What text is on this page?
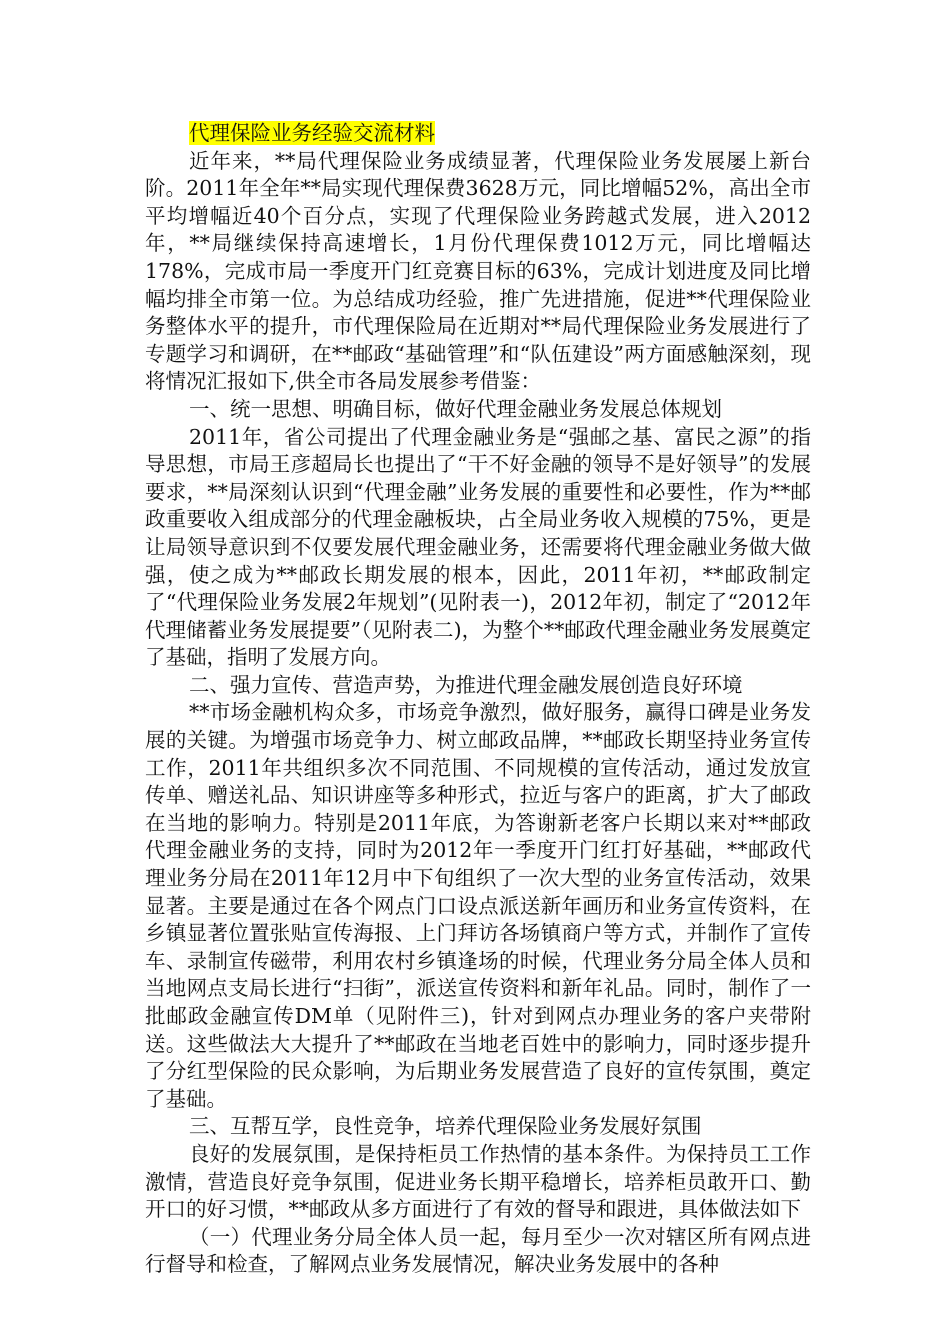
代理保险业务经验交流材料

近年来，**局代理保险业务成绩显著，代理保险业务发展屡上新台阶。2011年全年**局实现代理保费3628万元，同比增幅52%，高出全市平均增幅近40个百分点，实现了代理保险业务跨越式发展，进入2012年，**局继续保持高速增长，1月份代理保费1012万元，同比增幅达178%，完成市局一季度开门红竞赛目标的63%，完成计划进度及同比增幅均排全市第一位。为总结成功经验，推广先进措施，促进**代理保险业务整体水平的提升，市代理保险局在近期对**局代理保险业务发展进行了专题学习和调研，在**邮政“基础管理”和“队伍建设”两方面感触深刻，现将情况汇报如下,供全市各局发展参考借鉴：

一、统一思想、明确目标，做好代理金融业务发展总体规划

2011年，省公司提出了代理金融业务是“强邮之基、富民之源”的指导思想，市局王彦超局长也提出了“干不好金融的领导不是好领导”的发展要求，**局深刻认识到“代理金融”业务发展的重要性和必要性，作为**邮政重要收入组成部分的代理金融板块，占全局业务收入规模的75%，更是让局领导意识到不仅要发展代理金融业务，还需要将代理金融业务做大做强，使之成为**邮政长期发展的根本，因此，2011年初，**邮政制定了“代理保险业务发展2年规划”(见附表一)，2012年初，制定了“2012年代理储蓄业务发展提要”（见附表二)，为整个**邮政代理金融业务发展奠定了基础，指明了发展方向。

二、强力宣传、营造声势，为推进代理金融发展创造良好环境

**市场金融机构众多，市场竞争激烈，做好服务，赢得口碑是业务发展的关键。为增强市场竞争力、树立邮政品牌，**邮政长期坚持业务宣传工作，2011年共组织多次不同范围、不同规模的宣传活动，通过发放宣传单、赠送礼品、知识讲座等多种形式，拉近与客户的距离，扩大了邮政在当地的影响力。特别是2011年底，为答谢新老客户长期以来对**邮政代理金融业务的支持，同时为2012年一季度开门红打好基础，**邮政代理业务分局在2011年12月中下旬组织了一次大型的业务宣传活动，效果显著。主要是通过在各个网点门口设点派送新年画历和业务宣传资料，在乡镇显著位置张贴宣传海报、上门拜访各场镇商户等方式，并制作了宣传车、录制宣传磁带，利用农村乡镇逢场的时候，代理业务分局全体人员和当地网点支局长进行“扫街”，派送宣传资料和新年礼品。同时，制作了一批邮政金融宣传DM单（见附件三)，针对到网点办理业务的客户夹带附送。这些做法大大提升了**邮政在当地老百姓中的影响力，同时逐步提升了分红型保险的民众影响，为后期业务发展营造了良好的宣传氛围，奠定了基础。

三、互帮互学，良性竞争，培养代理保险业务发展好氛围

良好的发展氛围，是保持柜员工作热情的基本条件。为保持员工工作激情，营造良好竞争氛围，促进业务长期平稳增长，培养柜员敢开口、勤开口的好习惯，**邮政从多方面进行了有效的督导和跟进，具体做法如下

（一）代理业务分局全体人员一起，每月至少一次对辖区所有网点进行督导和检查，了解网点业务发展情况，解决业务发展中的各种
